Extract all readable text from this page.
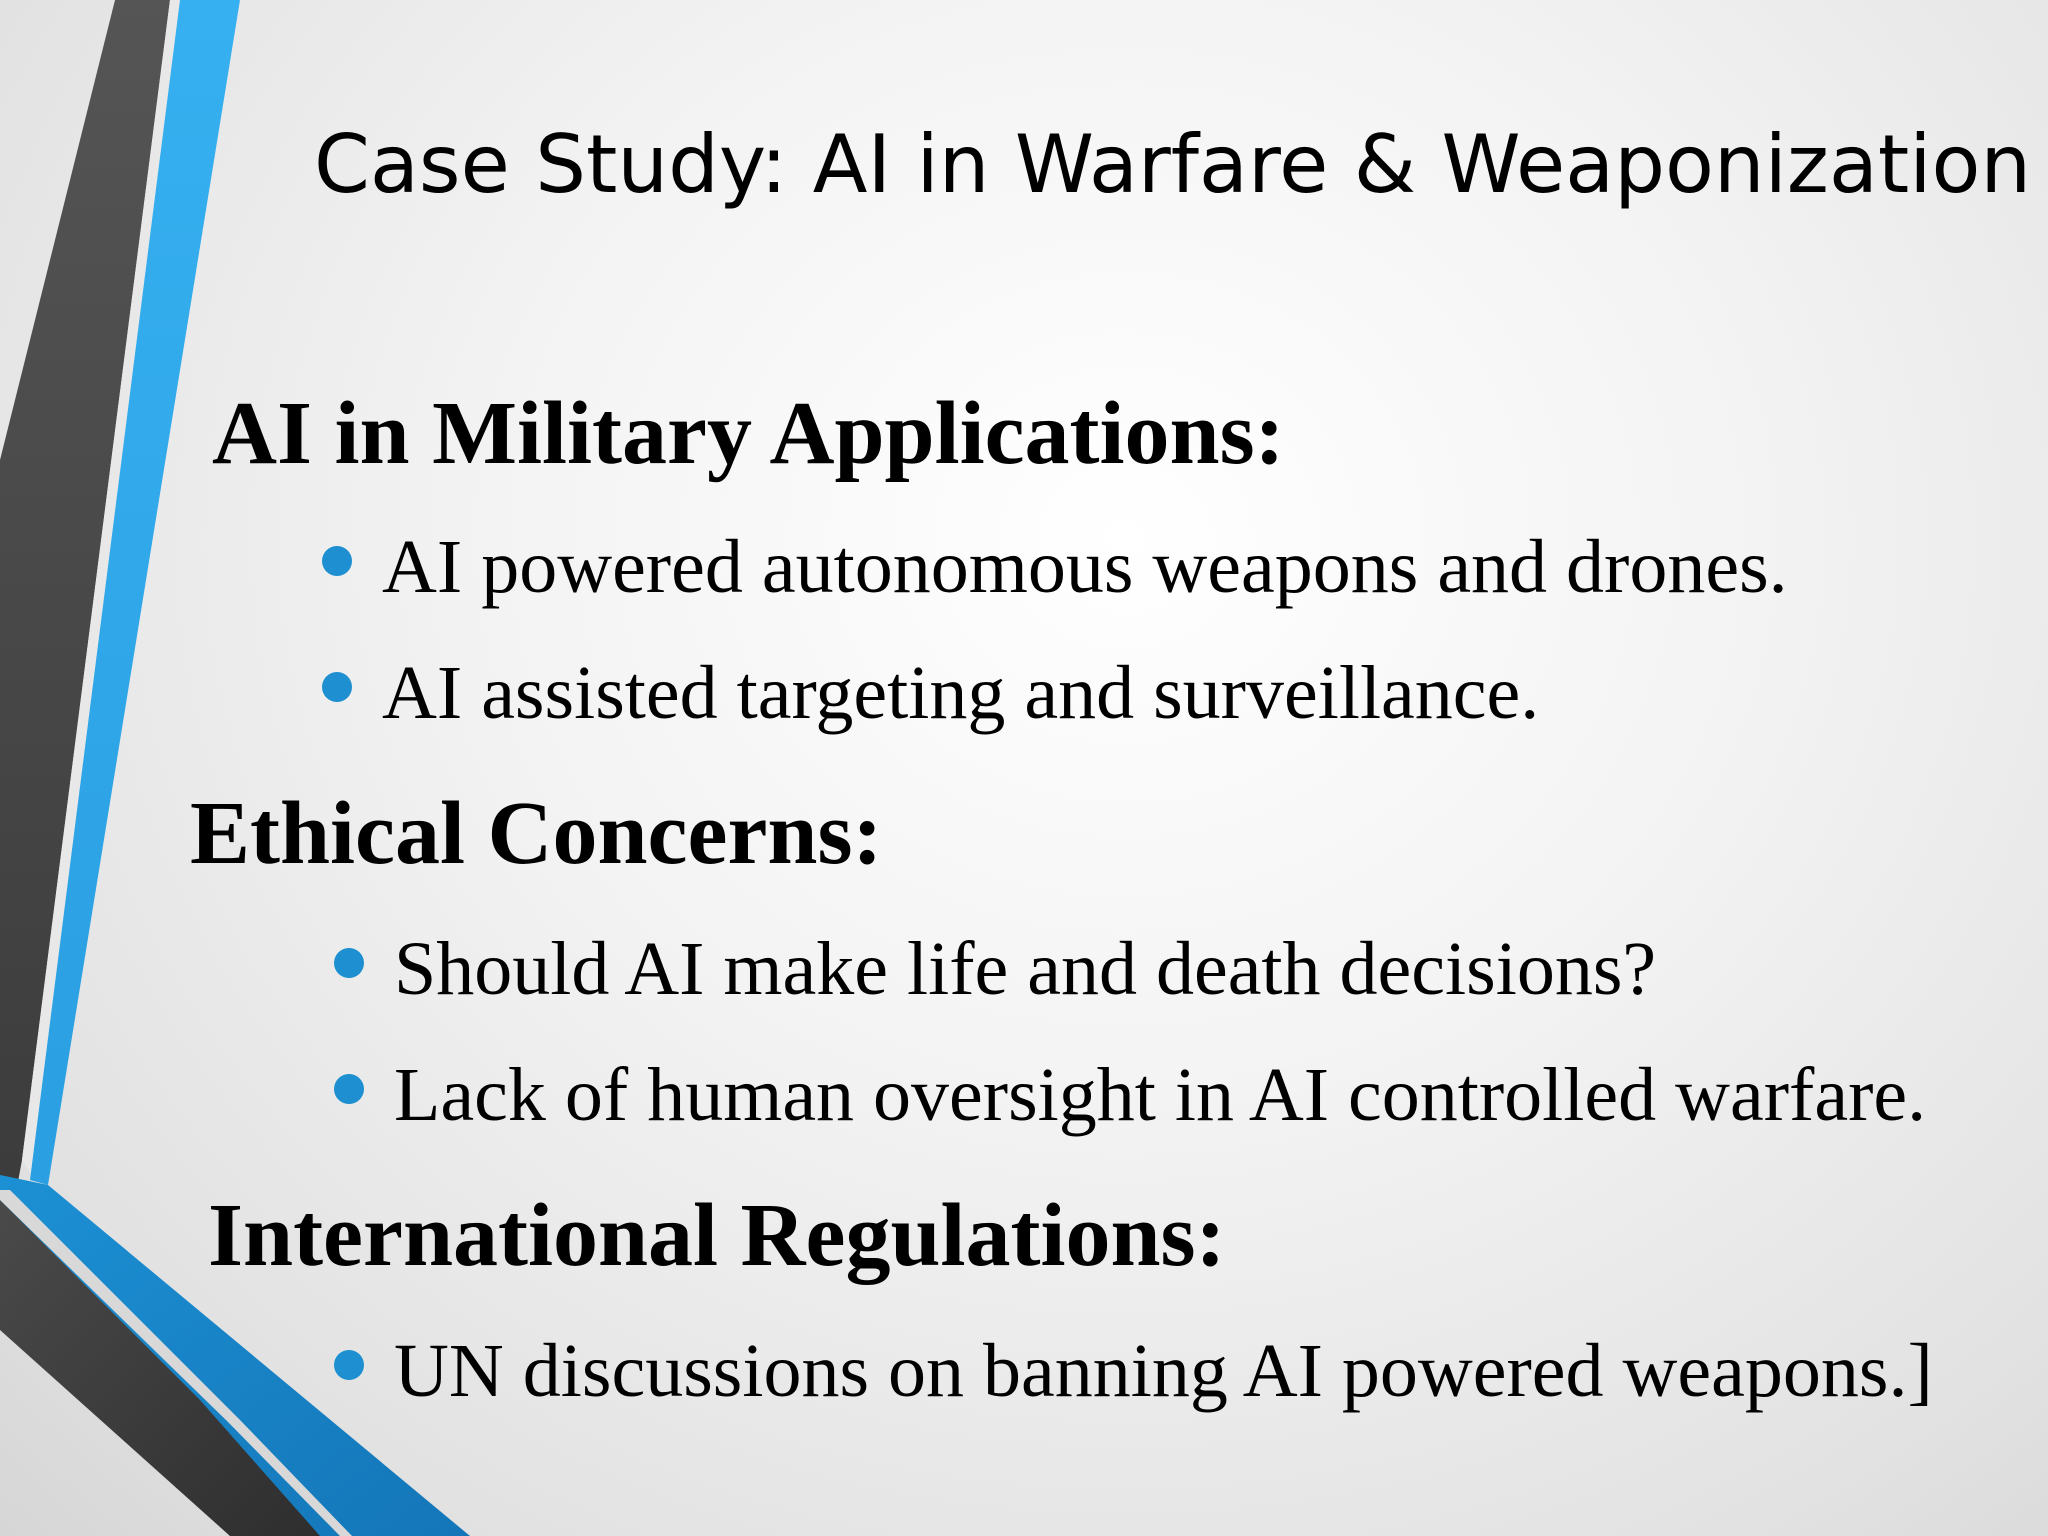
Case Study: AI in Warfare & Weaponization
AI in Military Applications:
AI powered autonomous weapons and drones.
AI assisted targeting and surveillance.
Ethical Concerns:
Should AI make life and death decisions?
Lack of human oversight in AI controlled warfare.
International Regulations:
UN discussions on banning AI powered weapons.]
